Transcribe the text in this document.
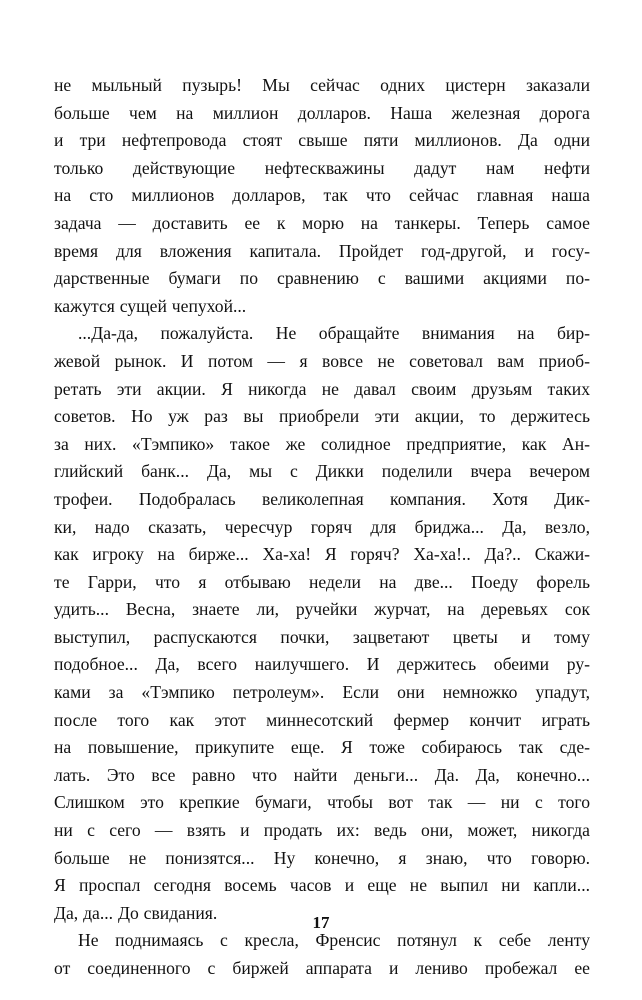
не мыльный пузырь! Мы сейчас одних цистерн заказали
больше чем на миллион долларов. Наша железная дорога
и три нефтепровода стоят свыше пяти миллионов. Да одни
только действующие нефтескважины дадут нам нефти
на сто миллионов долларов, так что сейчас главная наша
задача — доставить ее к морю на танкеры. Теперь самое
время для вложения капитала. Пройдет год-другой, и госу-
дарственные бумаги по сравнению с вашими акциями по-
кажутся сущей чепухой...
...Да-да, пожалуйста. Не обращайте внимания на бир-
жевой рынок. И потом — я вовсе не советовал вам приоб-
ретать эти акции. Я никогда не давал своим друзьям таких
советов. Но уж раз вы приобрели эти акции, то держитесь
за них. «Тэмпико» такое же солидное предприятие, как Ан-
глийский банк... Да, мы с Дикки поделили вчера вечером
трофеи. Подобралась великолепная компания. Хотя Дик-
ки, надо сказать, чересчур горяч для бриджа... Да, везло,
как игроку на бирже... Ха-ха! Я горяч? Ха-ха!.. Да?.. Скажи-
те Гарри, что я отбываю недели на две... Поеду форель
удить... Весна, знаете ли, ручейки журчат, на деревьях сок
выступил, распускаются почки, зацветают цветы и тому
подобное... Да, всего наилучшего. И держитесь обеими ру-
ками за «Тэмпико петролеум». Если они немножко упадут,
после того как этот миннесотский фермер кончит играть
на повышение, прикупите еще. Я тоже собираюсь так сде-
лать. Это все равно что найти деньги... Да. Да, конечно...
Слишком это крепкие бумаги, чтобы вот так — ни с того
ни с сего — взять и продать их: ведь они, может, никогда
больше не понизятся... Ну конечно, я знаю, что говорю.
Я проспал сегодня восемь часов и еще не выпил ни капли...
Да, да... До свидания.
Не поднимаясь с кресла, Френсис потянул к себе ленту
от соединенного с биржей аппарата и лениво пробежал ее
17
